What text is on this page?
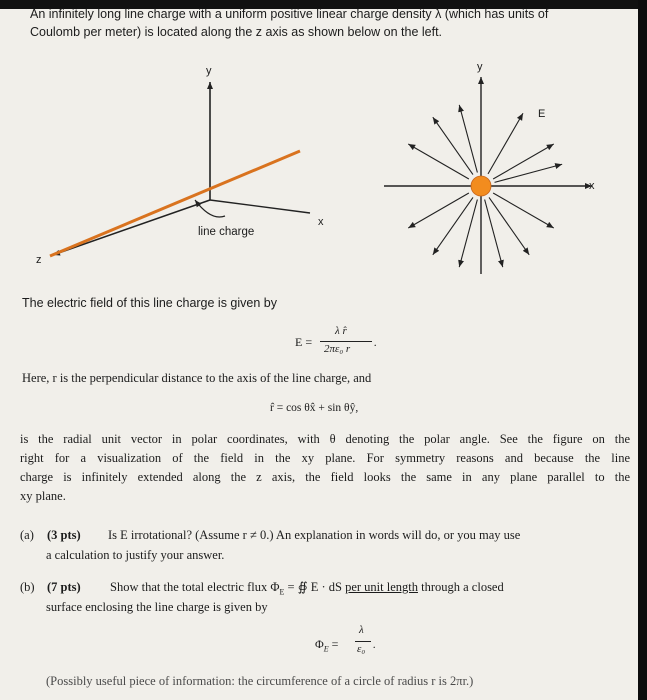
An infinitely long line charge with a uniform positive linear charge density λ (which has units of
Coulomb per meter) is located along the z axis as shown below on the left.
y
x
z
line charge
y
x
E
The electric field of this line charge is given by
E =
λ r̂
2πε₀ r .
Here, r is the perpendicular distance to the axis of the line charge, and
r̂ = cos θx̂ + sin θŷ,
is the radial unit vector in polar coordinates, with θ denoting the polar angle. See the figure on the
right for a visualization of the field in the xy plane. For symmetry reasons and because the line
charge is infinitely extended along the z axis, the field looks the same in any plane parallel to the
xy plane.
(a) (3 pts) Is E irrotational? (Assume r ≠ 0.) An explanation in words will do, or you may use
a calculation to justify your answer.
(b) (7 pts) Show that the total electric flux $\Phi_E$ = ∯ E · dS per unit length through a closed
surface enclosing the line charge is given by
$\Phi_E$ =
λ
ε₀ .
(Possibly useful piece of information: the circumference of a circle of radius r is 2πr.)
